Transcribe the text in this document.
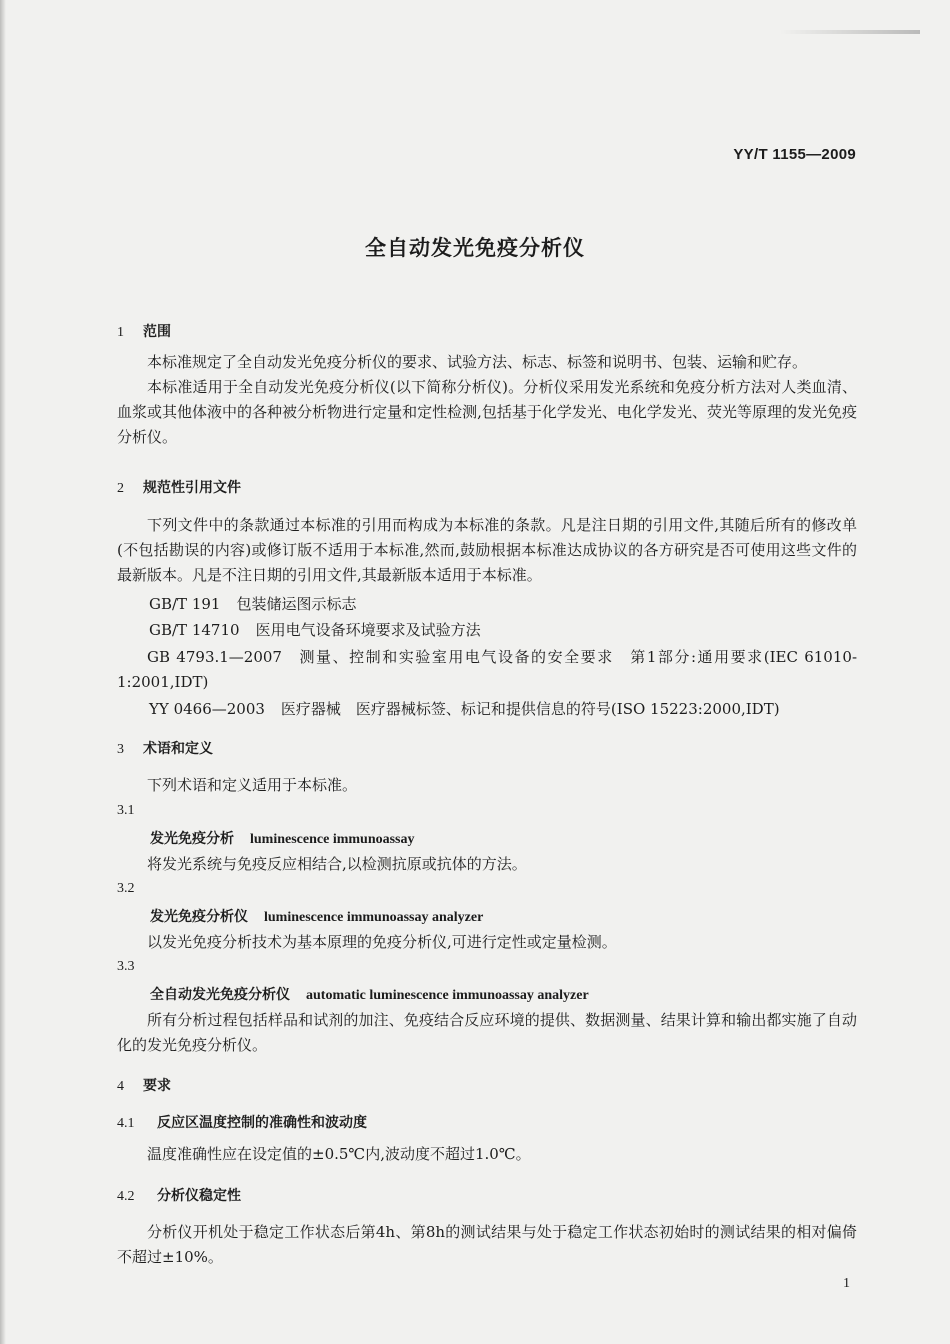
YY/T 1155—2009
全自动发光免疫分析仪
1 范围

本标准规定了全自动发光免疫分析仪的要求、试验方法、标志、标签和说明书、包装、运输和贮存。

本标准适用于全自动发光免疫分析仪(以下简称分析仪)。分析仪采用发光系统和免疫分析方法对人类血清、血浆或其他体液中的各种被分析物进行定量和定性检测,包括基于化学发光、电化学发光、荧光等原理的发光免疫分析仪。

2 规范性引用文件

下列文件中的条款通过本标准的引用而构成为本标准的条款。凡是注日期的引用文件,其随后所有的修改单(不包括勘误的内容)或修订版不适用于本标准,然而,鼓励根据本标准达成协议的各方研究是否可使用这些文件的最新版本。凡是不注日期的引用文件,其最新版本适用于本标准。

GB/T 191 包装储运图示标志
GB/T 14710 医用电气设备环境要求及试验方法

GB 4793.1—2007 测量、控制和实验室用电气设备的安全要求　第1部分:通用要求(IEC 61010-1:2001,IDT)

YY 0466—2003 医疗器械　医疗器械标签、标记和提供信息的符号(ISO 15223:2000,IDT)
3 术语和定义

下列术语和定义适用于本标准。

3.1
发光免疫分析 luminescence immunoassay

将发光系统与免疫反应相结合,以检测抗原或抗体的方法。

3.2
发光免疫分析仪 luminescence immunoassay analyzer

以发光免疫分析技术为基本原理的免疫分析仪,可进行定性或定量检测。

3.3
全自动发光免疫分析仪 automatic luminescence immunoassay analyzer

所有分析过程包括样品和试剂的加注、免疫结合反应环境的提供、数据测量、结果计算和输出都实施了自动化的发光免疫分析仪。

4 要求
4.1 反应区温度控制的准确性和波动度

温度准确性应在设定值的±0.5℃内,波动度不超过1.0℃。

4.2 分析仪稳定性

分析仪开机处于稳定工作状态后第4h、第8h的测试结果与处于稳定工作状态初始时的测试结果的相对偏倚不超过±10%。

1
